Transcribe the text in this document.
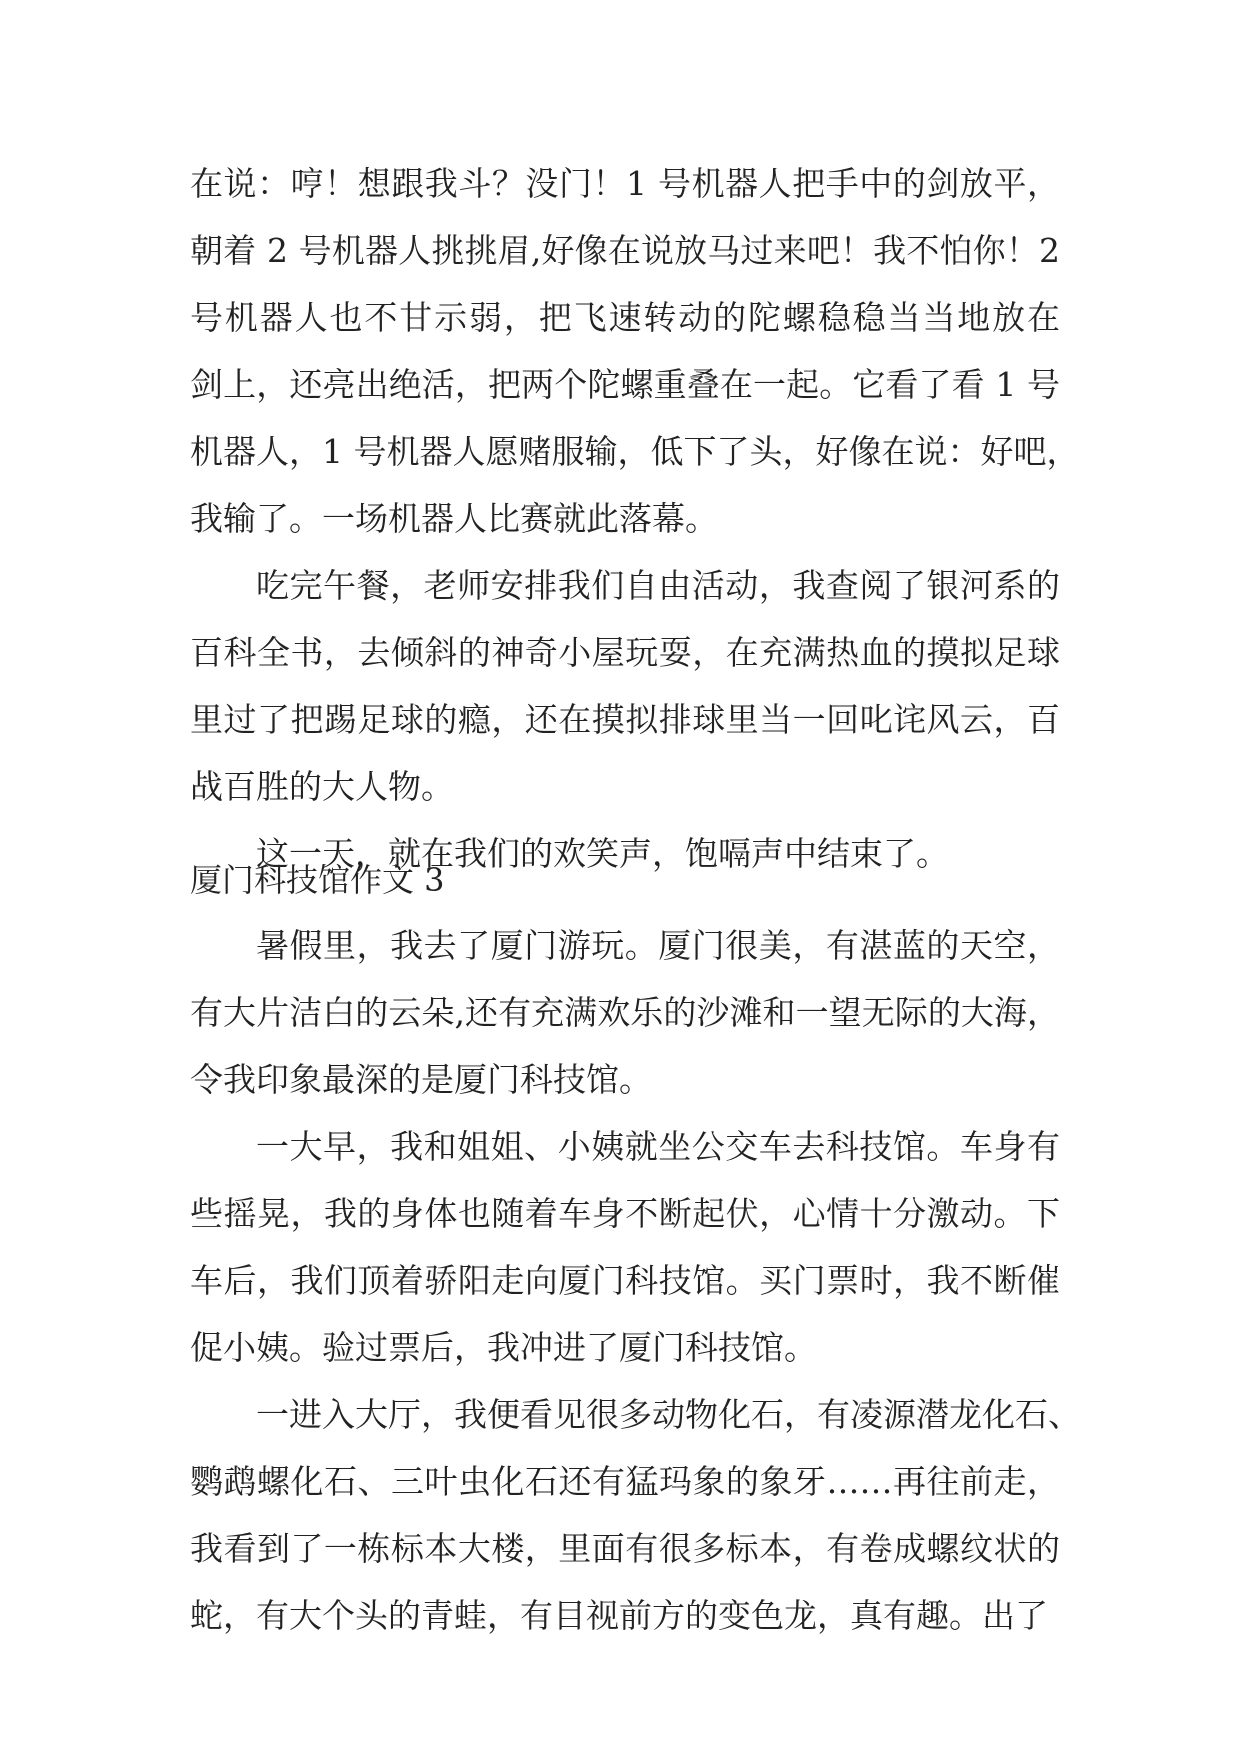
在说：哼！想跟我斗？没门！1 号机器人把手中的剑放平，
朝着 2 号机器人挑挑眉,好像在说放马过来吧！我不怕你！2
号机器人也不甘示弱，把飞速转动的陀螺稳稳当当地放在
剑上，还亮出绝活，把两个陀螺重叠在一起。它看了看 1 号
机器人，1 号机器人愿赌服输，低下了头，好像在说：好吧，
我输了。一场机器人比赛就此落幕。
吃完午餐，老师安排我们自由活动，我查阅了银河系的
百科全书，去倾斜的神奇小屋玩耍，在充满热血的摸拟足球
里过了把踢足球的瘾，还在摸拟排球里当一回叱诧风云，百
战百胜的大人物。
这一天，就在我们的欢笑声，饱嗝声中结束了。
厦门科技馆作文 3
暑假里，我去了厦门游玩。厦门很美，有湛蓝的天空，
有大片洁白的云朵,还有充满欢乐的沙滩和一望无际的大海，
令我印象最深的是厦门科技馆。
一大早，我和姐姐、小姨就坐公交车去科技馆。车身有
些摇晃，我的身体也随着车身不断起伏，心情十分激动。下
车后，我们顶着骄阳走向厦门科技馆。买门票时，我不断催
促小姨。验过票后，我冲进了厦门科技馆。
一进入大厅，我便看见很多动物化石，有凌源潜龙化石、
鹦鹉螺化石、三叶虫化石还有猛玛象的象牙……再往前走，
我看到了一栋标本大楼，里面有很多标本，有卷成螺纹状的
蛇，有大个头的青蛙，有目视前方的变色龙，真有趣。出了
